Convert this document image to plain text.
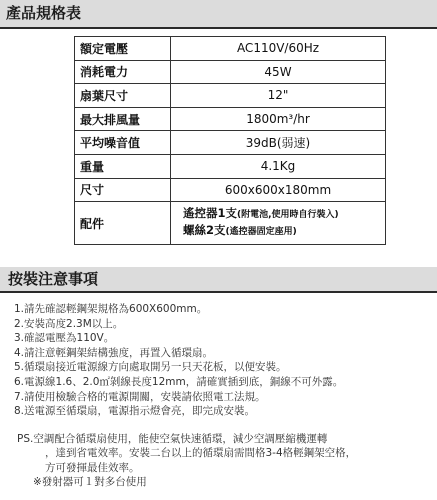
產品規格表
額定電壓	AC110V/60Hz
消耗電力	45W
扇葉尺寸	12"
最大排風量	1800m³/hr
平均噪音值	39dB(弱速)
重量	4.1Kg
尺寸	600x600x180mm
配件	遙控器1支(附電池,使用時自行裝入)
螺絲2支(遙控器固定座用)
按裝注意事項
1.請先確認輕鋼架規格為600X600mm。
2.安裝高度2.3M以上。
3.確認電壓為110V。
4.請注意輕鋼架結構強度，再置入循環扇。
5.循環扇接近電源線方向處取開另一只天花板，以便安裝。
6.電源線1.6、2.0㎡剝線長度12mm，請確實插到底，銅線不可外露。
7.請使用檢驗合格的電源開關，安裝請依照電工法規。
8.送電源至循環扇，電源指示燈會亮，即完成安裝。
PS.空調配合循環扇使用，能使空氣快速循環，減少空調壓縮機運轉
，達到省電效率。安裝二台以上的循環扇需間格3-4格輕鋼架空格，
方可發揮最佳效率。
※發射器可１對多台使用
